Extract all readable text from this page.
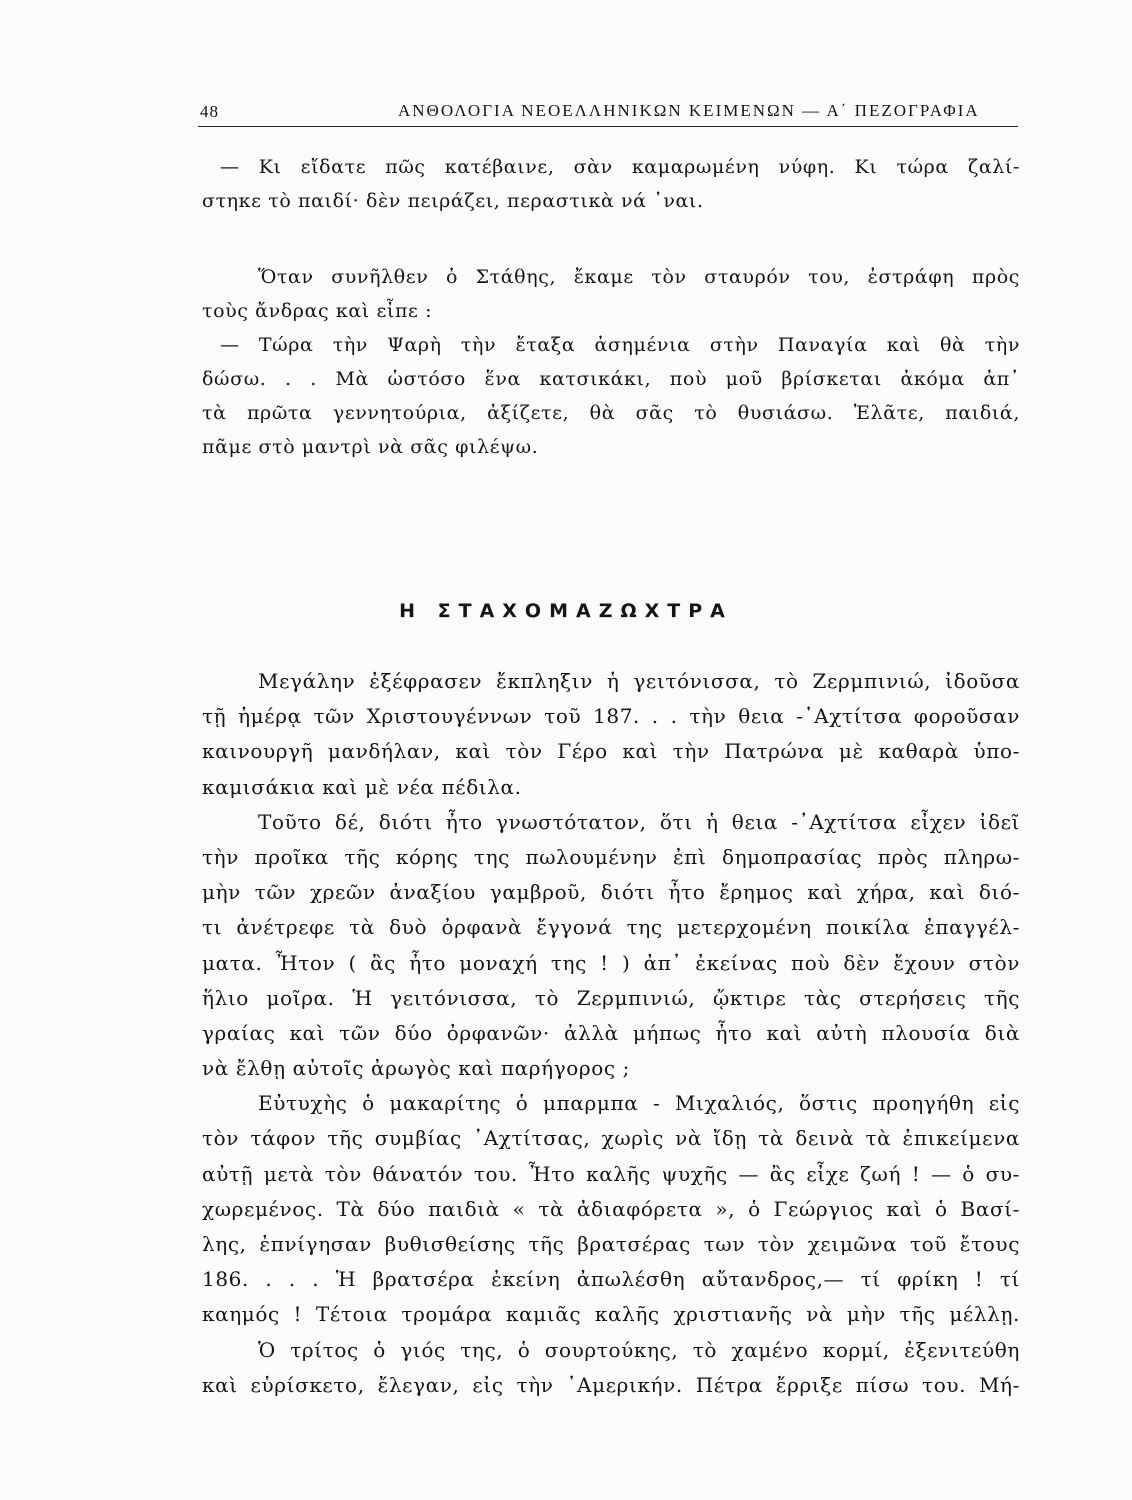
48	ΑΝΘΟΛΟΓΙΑ ΝΕΟΕΛΛΗΝΙΚΩΝ ΚΕΙΜΕΝΩΝ — Α΄ ΠΕΖΟΓΡΑΦΙΑ
— Κι εἴδατε πῶς κατέβαινε, σὰν καμαρωμένη νύφη. Κι τώρα ζαλί-
στηκε τὸ παιδί· δὲν πειράζει, περαστικὰ νά ᾿ναι.
Ὅταν συνῆλθεν ὁ Στάθης, ἔκαμε τὸν σταυρόν του, ἐστράφη πρὸς
τοὺς ἄνδρας καὶ εἶπε :
— Τώρα τὴν Ψαρὴ τὴν ἔταξα ἀσημένια στὴν Παναγία καὶ θὰ τὴν
δώσω. . . Μὰ ὡστόσο ἕνα κατσικάκι, ποὺ μοῦ βρίσκεται ἀκόμα ἀπ᾿
τὰ πρῶτα γεννητούρια, ἀξίζετε, θὰ σᾶς τὸ θυσιάσω. Ἐλᾶτε, παιδιά,
πᾶμε στὸ μαντρὶ νὰ σᾶς φιλέψω.
Η ΣΤΑΧΟΜΑΖΩΧΤΡΑ
Μεγάλην ἐξέφρασεν ἔκπληξιν ἡ γειτόνισσα, τὸ Ζερμπινιώ, ἰδοῦσα
τῇ ἡμέρᾳ τῶν Χριστουγέννων τοῦ 187. . . τὴν θεια -᾿Αχτίτσα φοροῦσαν
καινουργῆ μανδήλαν, καὶ τὸν Γέρο καὶ τὴν Πατρώνα μὲ καθαρὰ ὑπο-
καμισάκια καὶ μὲ νέα πέδιλα.
Τοῦτο δέ, διότι ἦτο γνωστότατον, ὅτι ἡ θεια -᾿Αχτίτσα εἶχεν ἰδεῖ
τὴν προῖκα τῆς κόρης της πωλουμένην ἐπὶ δημοπρασίας πρὸς πληρω-
μὴν τῶν χρεῶν ἀναξίου γαμβροῦ, διότι ἦτο ἔρημος καὶ χήρα, καὶ διό-
τι ἀνέτρεφε τὰ δυὸ ὀρφανὰ ἔγγονά της μετερχομένη ποικίλα ἐπαγγέλ-
ματα. Ἦτον ( ἂς ἦτο μοναχή της ! ) ἀπ᾿ ἐκείνας ποὺ δὲν ἔχουν στὸν
ἥλιο μοῖρα. Ἡ γειτόνισσα, τὸ Ζερμπινιώ, ᾤκτιρε τὰς στερήσεις τῆς
γραίας καὶ τῶν δύο ὀρφανῶν· ἀλλὰ μήπως ἦτο καὶ αὐτὴ πλουσία διὰ
νὰ ἔλθῃ αὐτοῖς ἀρωγὸς καὶ παρήγορος ;
Εὐτυχὴς ὁ μακαρίτης ὁ μπαρμπα - Μιχαλιός, ὅστις προηγήθη εἰς
τὸν τάφον τῆς συμβίας ᾿Αχτίτσας, χωρὶς νὰ ἴδῃ τὰ δεινὰ τὰ ἐπικείμενα
αὐτῇ μετὰ τὸν θάνατόν του. Ἦτο καλῆς ψυχῆς — ἂς εἶχε ζωή ! — ὁ συ-
χωρεμένος. Τὰ δύο παιδιὰ « τὰ ἀδιαφόρετα », ὁ Γεώργιος καὶ ὁ Βασί-
λης, ἐπνίγησαν βυθισθείσης τῆς βρατσέρας των τὸν χειμῶνα τοῦ ἔτους
186. . . . Ἡ βρατσέρα ἐκείνη ἀπωλέσθη αὔτανδρος,— τί φρίκη ! τί
καημός ! Τέτοια τρομάρα καμιᾶς καλῆς χριστιανῆς νὰ μὴν τῆς μέλλῃ.
Ὁ τρίτος ὁ γιός της, ὁ σουρτούκης, τὸ χαμένο κορμί, ἐξενιτεύθη
καὶ εὑρίσκετο, ἔλεγαν, εἰς τὴν ᾿Αμερικήν. Πέτρα ἔρριξε πίσω του. Μή-
